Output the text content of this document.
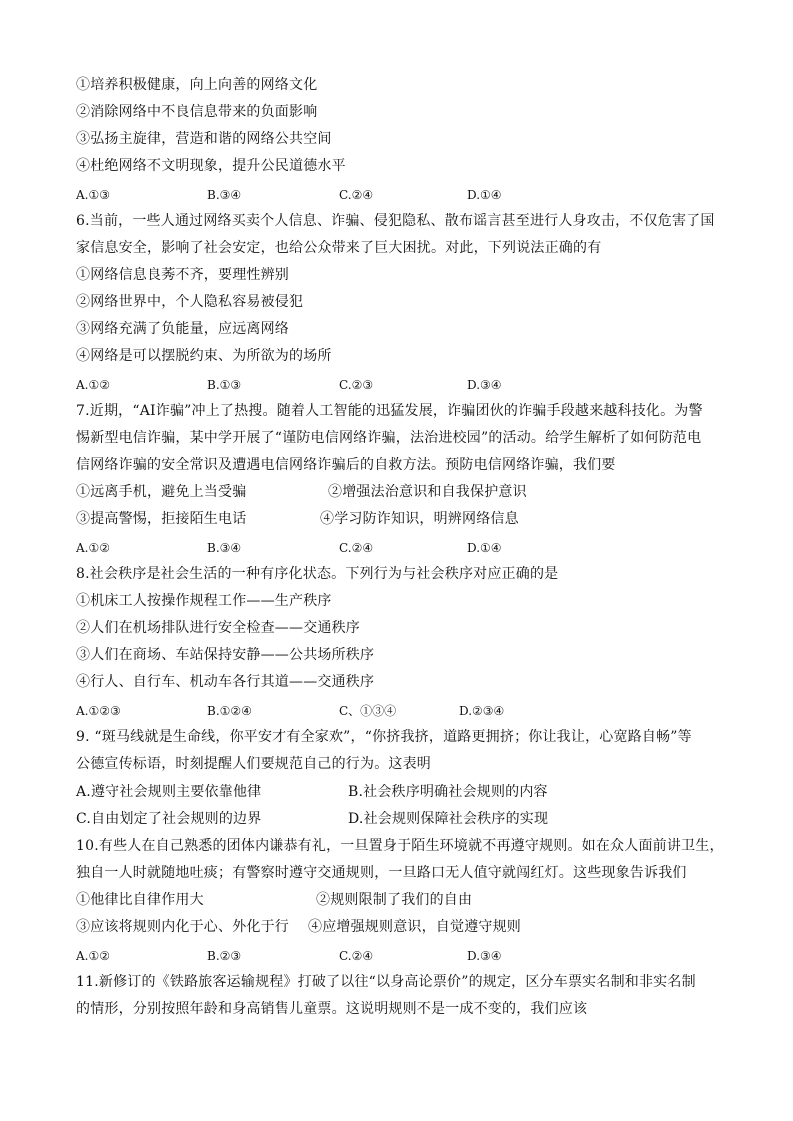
①培养积极健康，向上向善的网络文化
②消除网络中不良信息带来的负面影响
③弘扬主旋律，营造和谐的网络公共空间
④杜绝网络不文明现象，提升公民道德水平
A.①③	B.③④	C.②④	D.①④
6.当前，一些人通过网络买卖个人信息、诈骗、侵犯隐私、散布谣言甚至进行人身攻击，不仅危害了国
家信息安全，影响了社会安定，也给公众带来了巨大困扰。对此，下列说法正确的有
①网络信息良莠不齐，要理性辨别
②网络世界中，个人隐私容易被侵犯
③网络充满了负能量，应远离网络
④网络是可以摆脱约束、为所欲为的场所
A.①②	B.①③	C.②③	D.③④
7.近期，“AI诈骗”冲上了热搜。随着人工智能的迅猛发展，诈骗团伙的诈骗手段越来越科技化。为警
惕新型电信诈骗，某中学开展了“谨防电信网络诈骗，法治进校园”的活动。给学生解析了如何防范电
信网络诈骗的安全常识及遭遇电信网络诈骗后的自救方法。预防电信网络诈骗，我们要
①远离手机，避免上当受骗	②增强法治意识和自我保护意识
③提高警惕，拒接陌生电话	④学习防诈知识，明辨网络信息
A.①②	B.③④	C.②④	D.①④
8.社会秩序是社会生活的一种有序化状态。下列行为与社会秩序对应正确的是
①机床工人按操作规程工作——生产秩序
②人们在机场排队进行安全检查——交通秩序
③人们在商场、车站保持安静——公共场所秩序
④行人、自行车、机动车各行其道——交通秩序
A.①②③	B.①②④	C、①③④	D.②③④
9. “斑马线就是生命线，你平安才有全家欢”，“你挤我挤，道路更拥挤；你让我让，心宽路自畅”等
公德宣传标语，时刻提醒人们要规范自己的行为。这表明
A.遵守社会规则主要依靠他律	B.社会秩序明确社会规则的内容
C.自由划定了社会规则的边界	D.社会规则保障社会秩序的实现
10.有些人在自己熟悉的团体内谦恭有礼，一旦置身于陌生环境就不再遵守规则。如在众人面前讲卫生，
独自一人时就随地吐痰；有警察时遵守交通规则，一旦路口无人值守就闯红灯。这些现象告诉我们
①他律比自律作用大	②规则限制了我们的自由
③应该将规则内化于心、外化于行 ④应增强规则意识，自觉遵守规则
A.①②	B.②③	C.②④	D.③④
11.新修订的《铁路旅客运输规程》打破了以往“以身高论票价”的规定，区分车票实名制和非实名制
的情形，分别按照年龄和身高销售儿童票。这说明规则不是一成不变的，我们应该
